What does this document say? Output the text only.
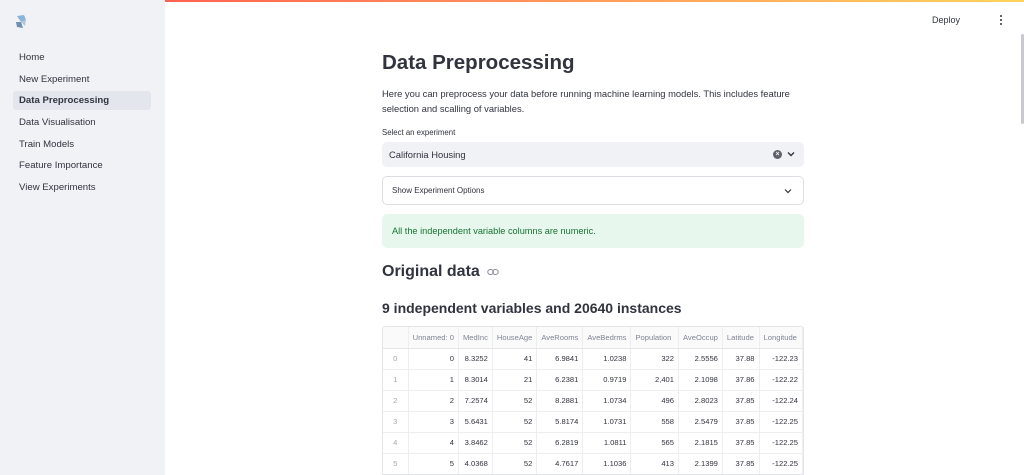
Home
New Experiment
Data Preprocessing
Data Visualisation
Train Models
Feature Importance
View Experiments
Deploy
Data Preprocessing

Here you can preprocess your data before running machine learning models. This includes feature selection and scalling of variables.

Select an experiment
California Housing	×
Show Experiment Options
All the independent variable columns are numeric.
Original data
9 independent variables and 20640 instances
	Unnamed: 0	MedInc	HouseAge	AveRooms	AveBedrms	Population	AveOccup	Latitude	Longitude
0	0	8.3252	41	6.9841	1.0238	322	2.5556	37.88	-122.23
1	1	8.3014	21	6.2381	0.9719	2,401	2.1098	37.86	-122.22
2	2	7.2574	52	8.2881	1.0734	496	2.8023	37.85	-122.24
3	3	5.6431	52	5.8174	1.0731	558	2.5479	37.85	-122.25
4	4	3.8462	52	6.2819	1.0811	565	2.1815	37.85	-122.25
5	5	4.0368	52	4.7617	1.1036	413	2.1399	37.85	-122.25
